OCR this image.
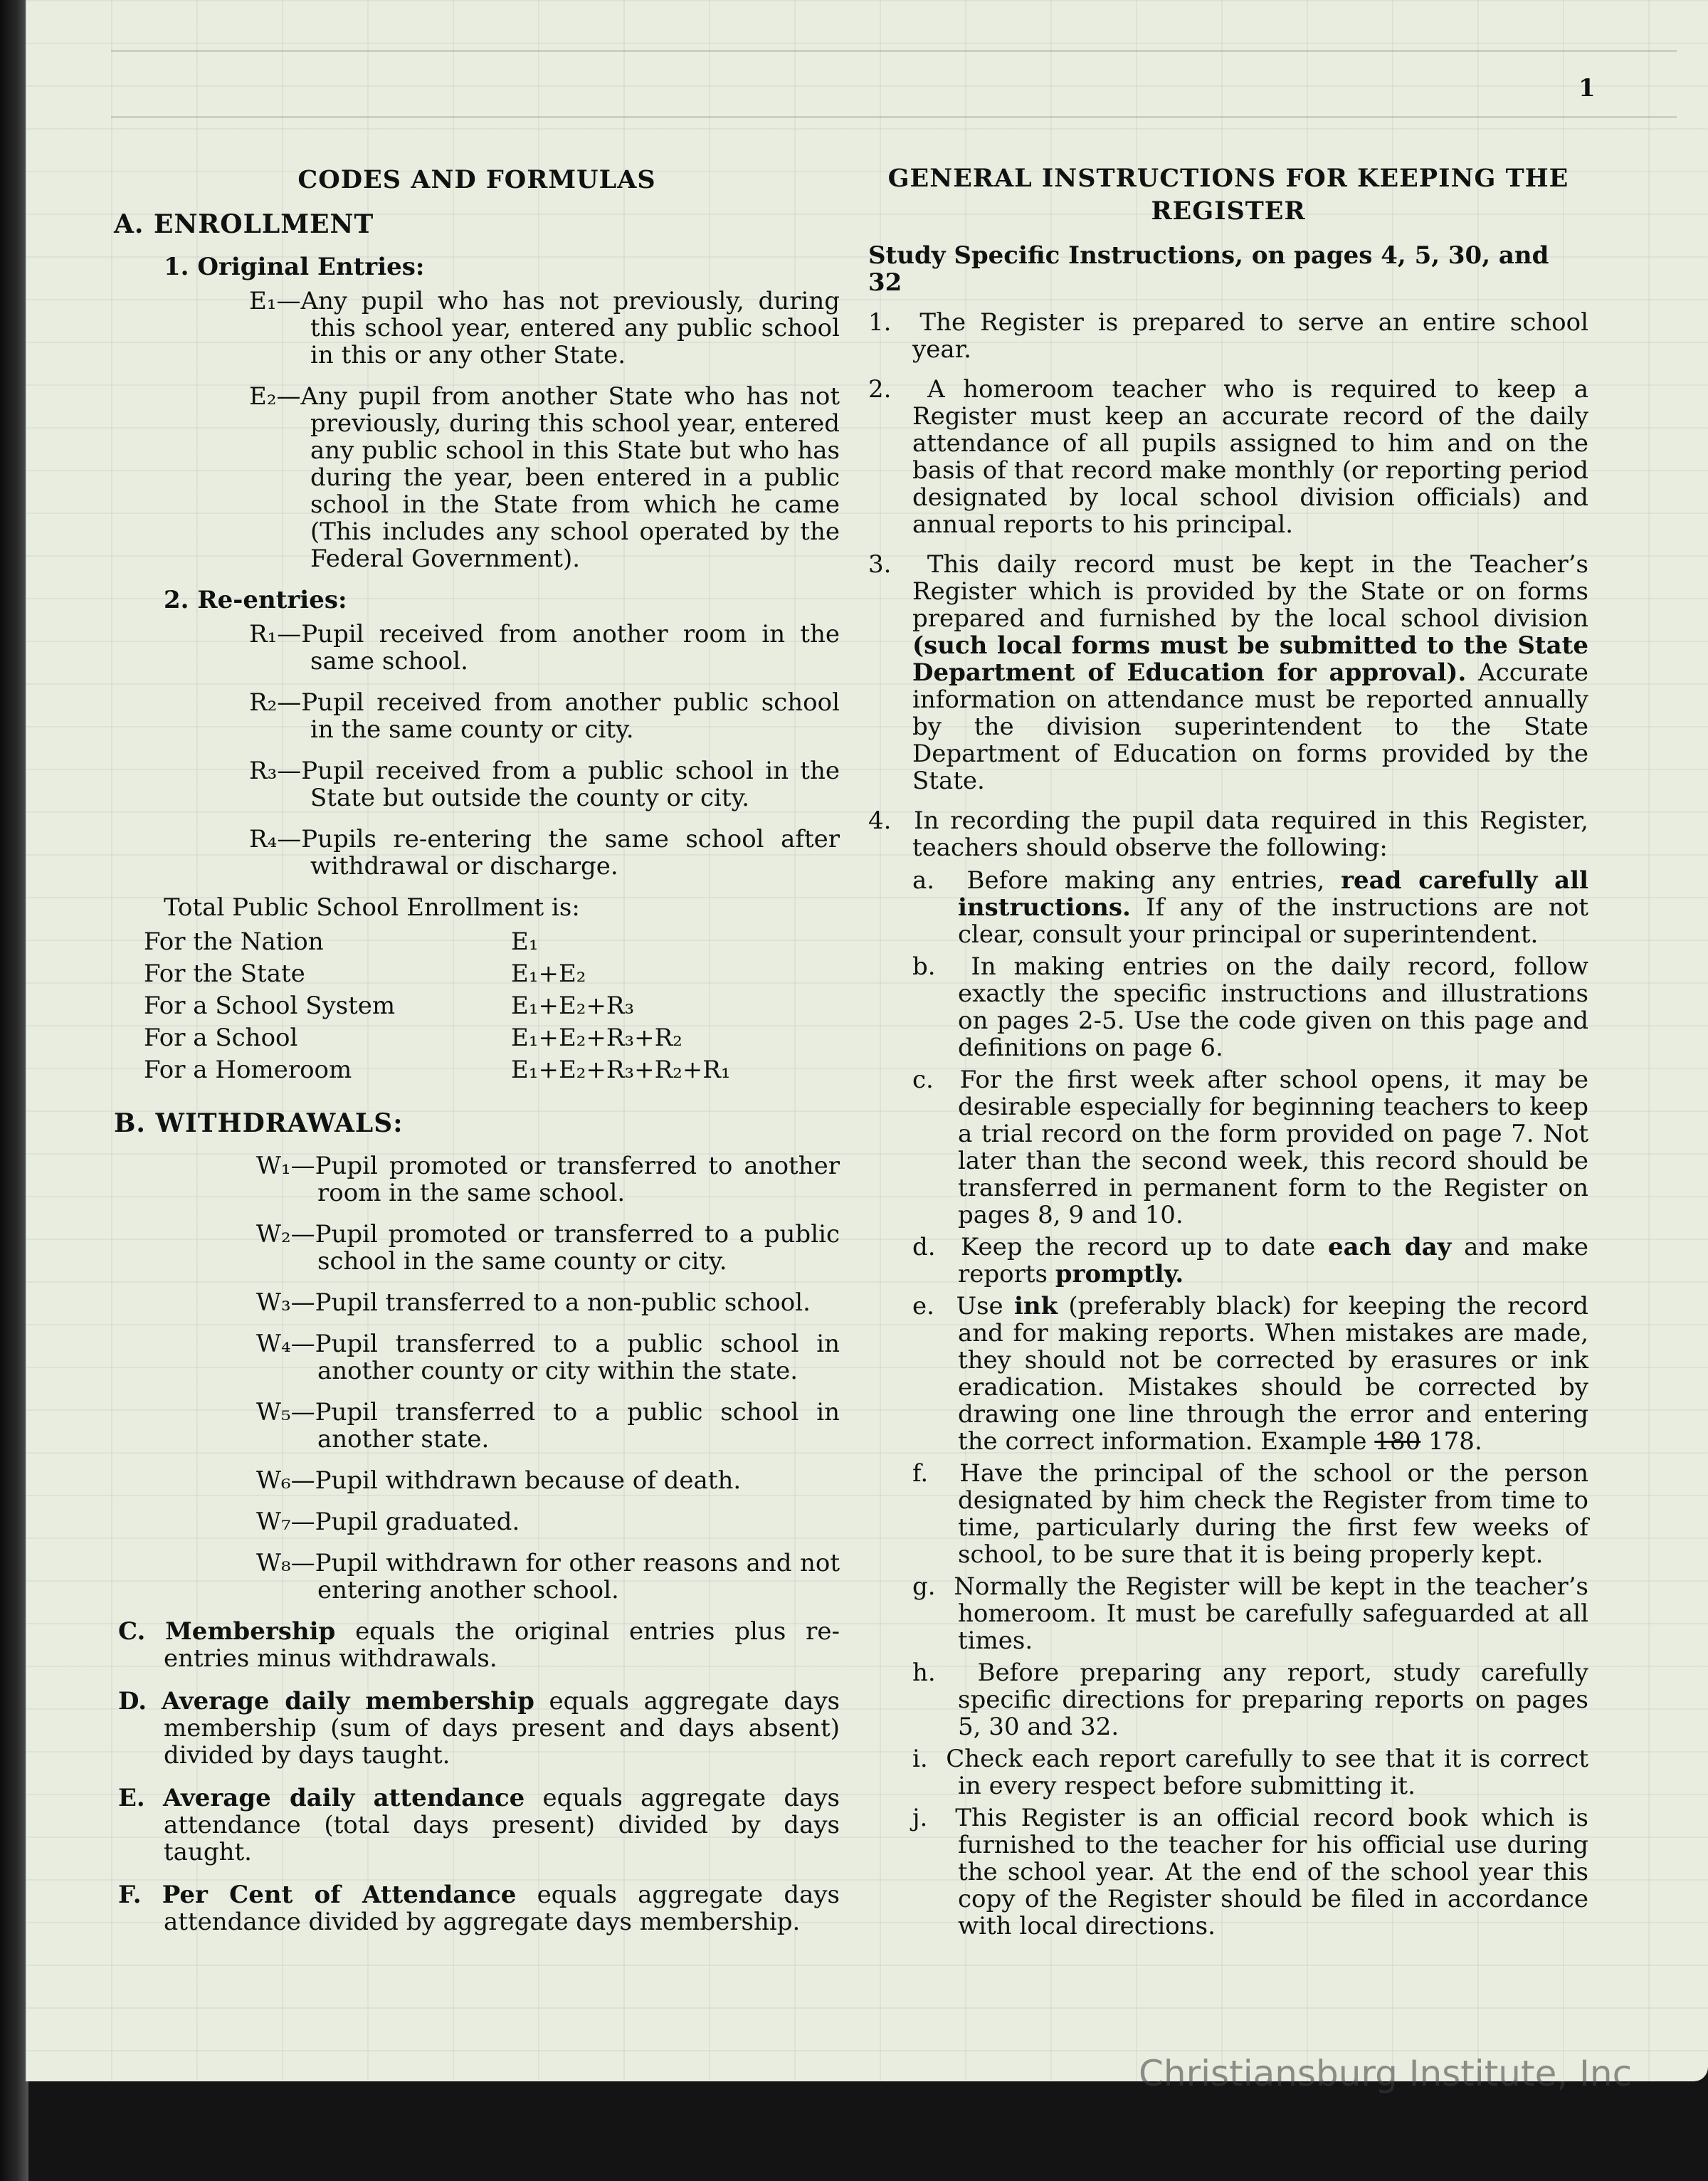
1
CODES AND FORMULAS
A. ENROLLMENT
1. Original Entries:
E₁—Any pupil who has not previously, during this school year, entered any public school in this or any other State.
E₂—Any pupil from another State who has not previously, during this school year, entered any public school in this State but who has during the year, been entered in a public school in the State from which he came (This includes any school operated by the Federal Government).
2. Re-entries:
R₁—Pupil received from another room in the same school.
R₂—Pupil received from another public school in the same county or city.
R₃—Pupil received from a public school in the State but outside the county or city.
R₄—Pupils re-entering the same school after withdrawal or discharge.
Total Public School Enrollment is:
For the Nation	E₁
For the State	E₁+E₂
For a School System	E₁+E₂+R₃
For a School	E₁+E₂+R₃+R₂
For a Homeroom	E₁+E₂+R₃+R₂+R₁
B. WITHDRAWALS:
W₁—Pupil promoted or transferred to another room in the same school.
W₂—Pupil promoted or transferred to a public school in the same county or city.
W₃—Pupil transferred to a non-public school.
W₄—Pupil transferred to a public school in another county or city within the state.
W₅—Pupil transferred to a public school in another state.
W₆—Pupil withdrawn because of death.
W₇—Pupil graduated.
W₈—Pupil withdrawn for other reasons and not entering another school.
C. Membership equals the original entries plus re-entries minus withdrawals.
D. Average daily membership equals aggregate days membership (sum of days present and days absent) divided by days taught.
E. Average daily attendance equals aggregate days attendance (total days present) divided by days taught.
F. Per Cent of Attendance equals aggregate days attendance divided by aggregate days membership.
GENERAL INSTRUCTIONS FOR KEEPING THE REGISTER
Study Specific Instructions, on pages 4, 5, 30, and 32
1. The Register is prepared to serve an entire school year.
2. A homeroom teacher who is required to keep a Register must keep an accurate record of the daily attendance of all pupils assigned to him and on the basis of that record make monthly (or reporting period designated by local school division officials) and annual reports to his principal.
3. This daily record must be kept in the Teacher’s Register which is provided by the State or on forms prepared and furnished by the local school division (such local forms must be submitted to the State Department of Education for approval). Accurate information on attendance must be reported annually by the division superintendent to the State Department of Education on forms provided by the State.
4. In recording the pupil data required in this Register, teachers should observe the following:
a. Before making any entries, read carefully all instructions. If any of the instructions are not clear, consult your principal or superintendent.
b. In making entries on the daily record, follow exactly the specific instructions and illustrations on pages 2-5. Use the code given on this page and definitions on page 6.
c. For the first week after school opens, it may be desirable especially for beginning teachers to keep a trial record on the form provided on page 7. Not later than the second week, this record should be transferred in permanent form to the Register on pages 8, 9 and 10.
d. Keep the record up to date each day and make reports promptly.
e. Use ink (preferably black) for keeping the record and for making reports. When mistakes are made, they should not be corrected by erasures or ink eradication. Mistakes should be corrected by drawing one line through the error and entering the correct information. Example 180 178.
f. Have the principal of the school or the person designated by him check the Register from time to time, particularly during the first few weeks of school, to be sure that it is being properly kept.
g. Normally the Register will be kept in the teacher’s homeroom. It must be carefully safeguarded at all times.
h. Before preparing any report, study carefully specific directions for preparing reports on pages 5, 30 and 32.
i. Check each report carefully to see that it is correct in every respect before submitting it.
j. This Register is an official record book which is furnished to the teacher for his official use during the school year. At the end of the school year this copy of the Register should be filed in accordance with local directions.
Christiansburg Institute, Inc
